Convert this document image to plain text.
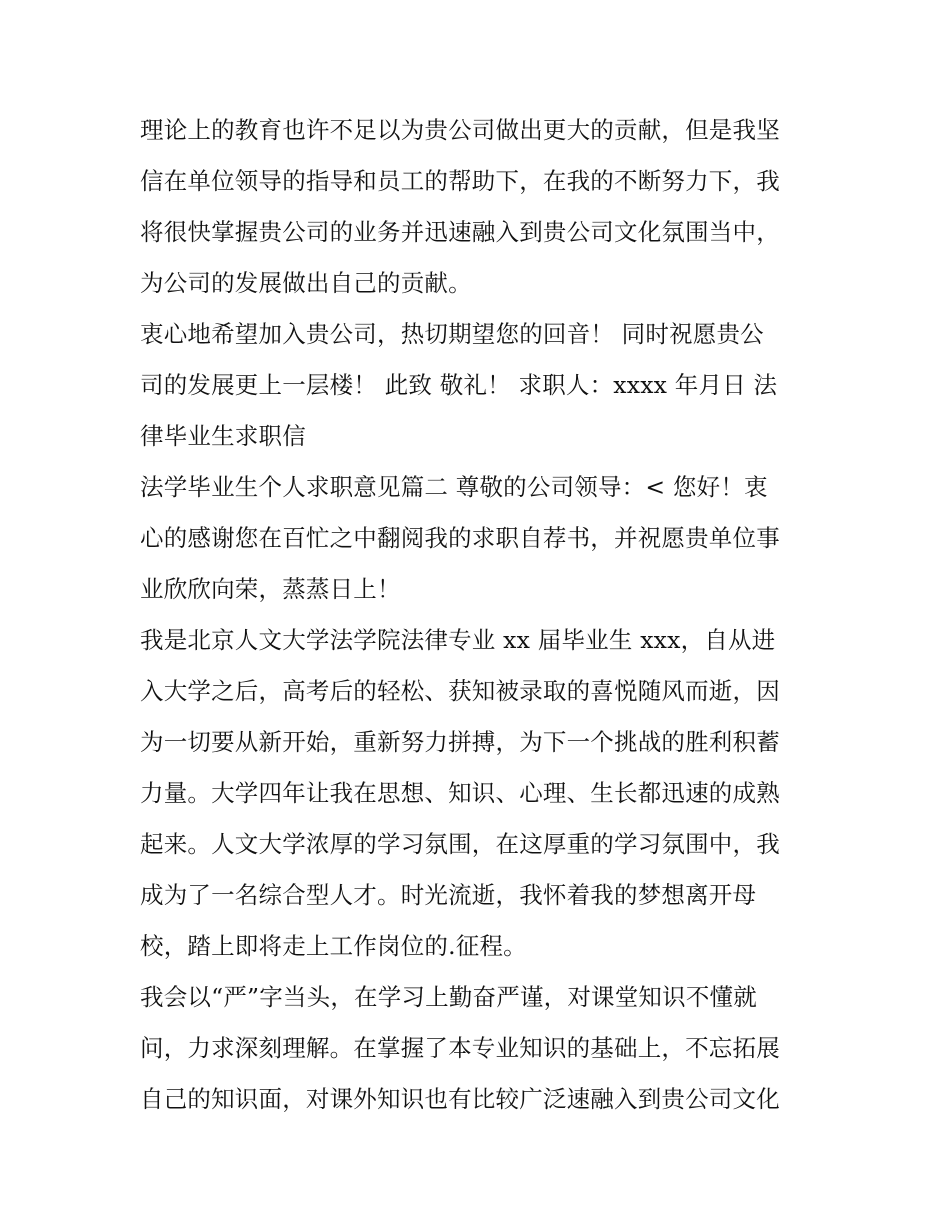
理论上的教育也许不足以为贵公司做出更大的贡献，但是我坚
信在单位领导的指导和员工的帮助下，在我的不断努力下，我
将很快掌握贵公司的业务并迅速融入到贵公司文化氛围当中，
为公司的发展做出自己的贡献。
衷心地希望加入贵公司，热切期望您的回音！ 同时祝愿贵公
司的发展更上一层楼！ 此致 敬礼！ 求职人：xxxx 年月日 法
律毕业生求职信
法学毕业生个人求职意见篇二 尊敬的公司领导：< 您好！衷
心的感谢您在百忙之中翻阅我的求职自荐书，并祝愿贵单位事
业欣欣向荣，蒸蒸日上！
我是北京人文大学法学院法律专业 xx 届毕业生 xxx，自从进
入大学之后，高考后的轻松、获知被录取的喜悦随风而逝，因
为一切要从新开始，重新努力拼搏，为下一个挑战的胜利积蓄
力量。大学四年让我在思想、知识、心理、生长都迅速的成熟
起来。人文大学浓厚的学习氛围，在这厚重的学习氛围中，我
成为了一名综合型人才。时光流逝，我怀着我的梦想离开母
校，踏上即将走上工作岗位的.征程。
我会以“严”字当头，在学习上勤奋严谨，对课堂知识不懂就
问，力求深刻理解。在掌握了本专业知识的基础上，不忘拓展
自己的知识面，对课外知识也有比较广泛速融入到贵公司文化
